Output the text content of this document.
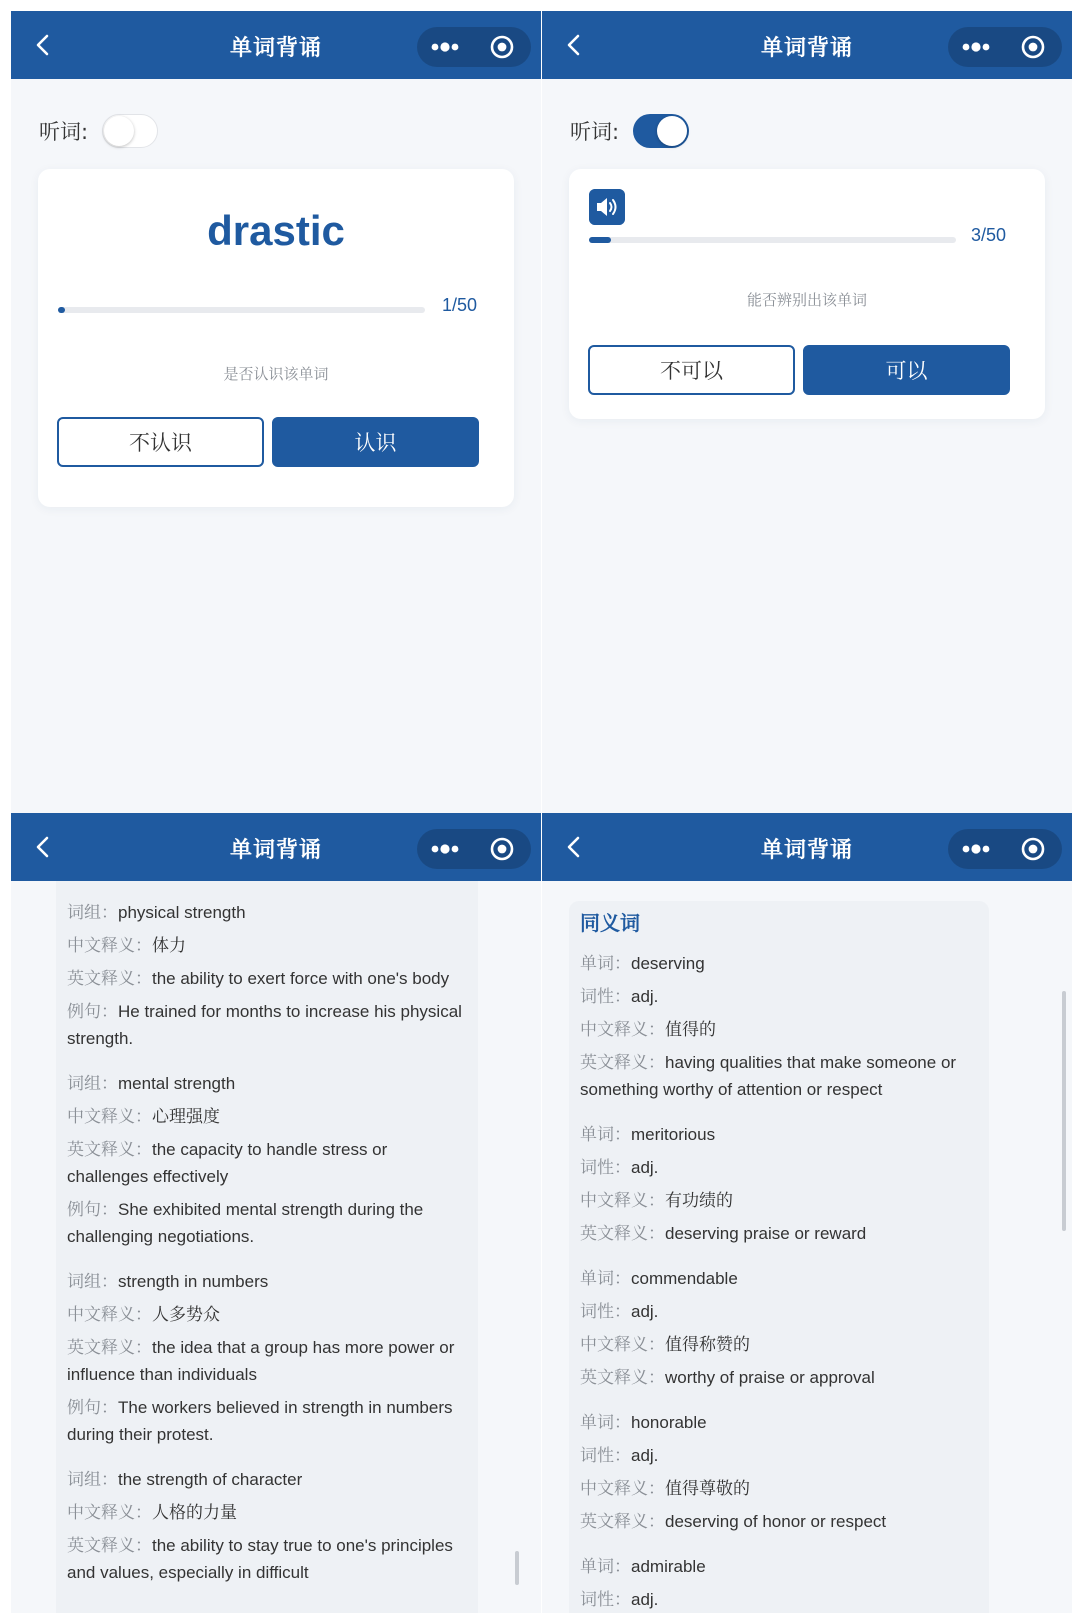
单词背诵
听词:
drastic
1/50
是否认识该单词
不认识	认识
单词背诵
听词:
3/50
能否辨别出该单词
不可以	可以
单词背诵
词组：physical strength
中文释义：体力
英文释义：the ability to exert force with one's body
例句：He trained for months to increase his physical strength.
词组：mental strength
中文释义：心理强度
英文释义：the capacity to handle stress or challenges effectively
例句：She exhibited mental strength during the challenging negotiations.
词组：strength in numbers
中文释义：人多势众
英文释义：the idea that a group has more power or influence than individuals
例句：The workers believed in strength in numbers during their protest.
词组：the strength of character
中文释义：人格的力量
英文释义：the ability to stay true to one's principles and values, especially in difficult
单词背诵
同义词
单词：deserving
词性：adj.
中文释义：值得的
英文释义：having qualities that make someone or something worthy of attention or respect
单词：meritorious
词性：adj.
中文释义：有功绩的
英文释义：deserving praise or reward
单词：commendable
词性：adj.
中文释义：值得称赞的
英文释义：worthy of praise or approval
单词：honorable
词性：adj.
中文释义：值得尊敬的
英文释义：deserving of honor or respect
单词：admirable
词性：adj.
